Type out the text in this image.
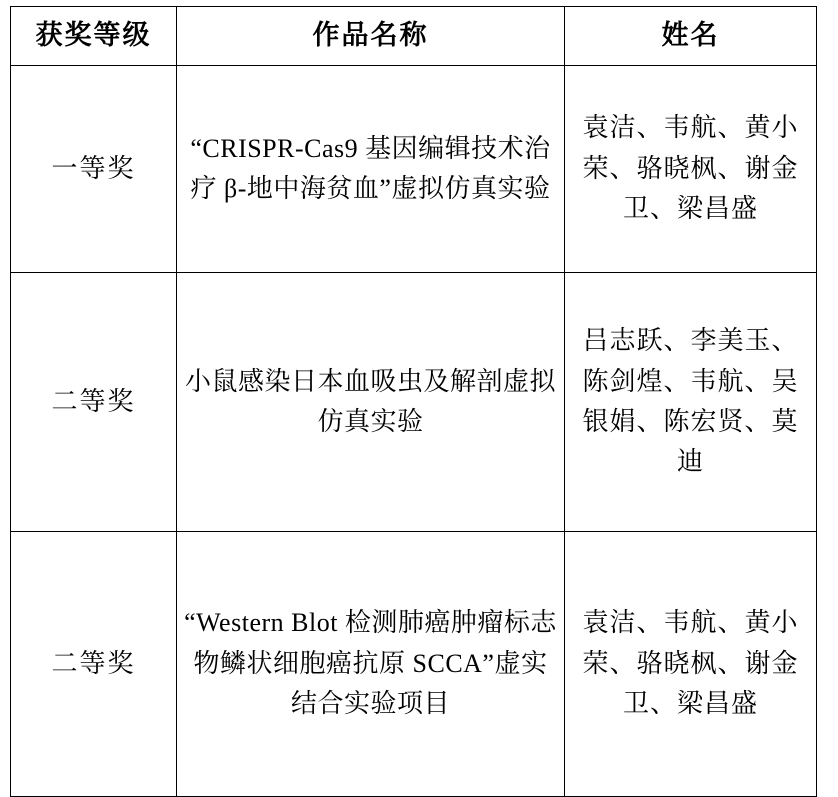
获奖等级	作品名称	姓名
一等奖	“CRISPR-Cas9 基因编辑技术治疗 β-地中海贫血”虚拟仿真实验	袁洁、韦航、黄小荣、骆晓枫、谢金卫、梁昌盛
二等奖	小鼠感染日本血吸虫及解剖虚拟仿真实验	吕志跃、李美玉、陈剑煌、韦航、吴银娟、陈宏贤、莫迪
二等奖	“Western Blot 检测肺癌肿瘤标志物鳞状细胞癌抗原 SCCA”虚实结合实验项目	袁洁、韦航、黄小荣、骆晓枫、谢金卫、梁昌盛
